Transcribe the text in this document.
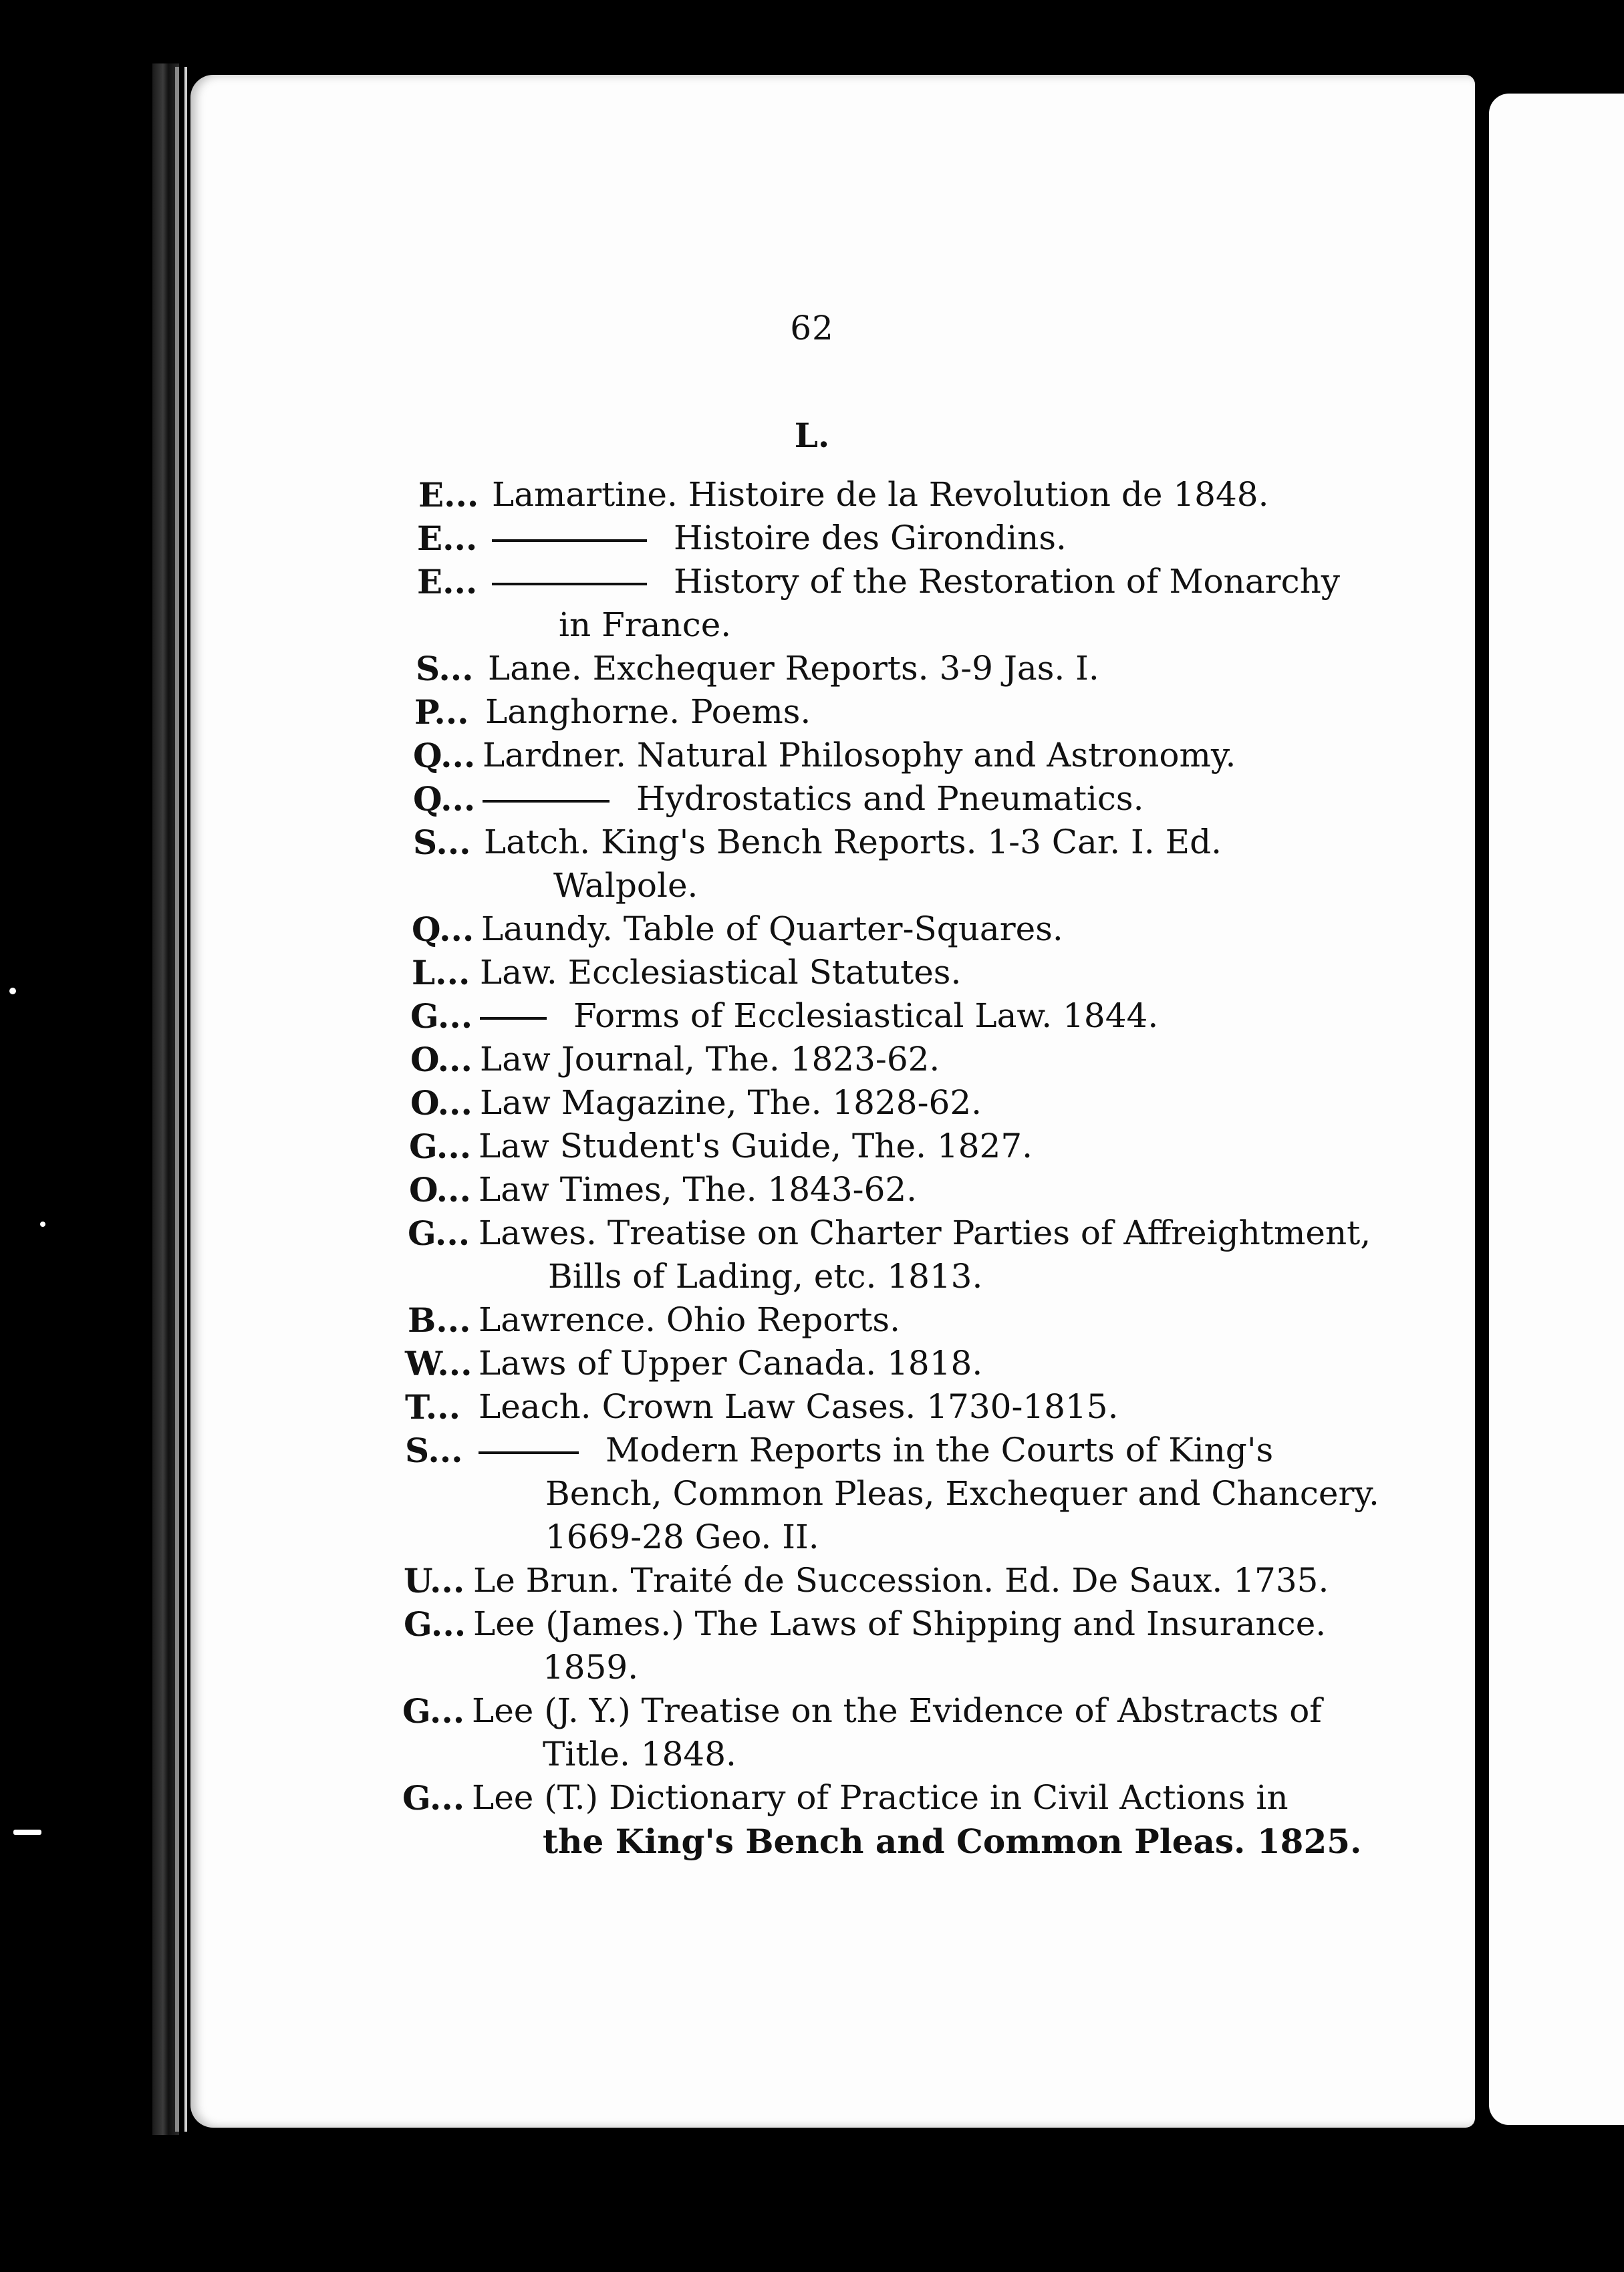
62
L.
E... Lamartine. Histoire de la Revolution de 1848.
E...	Histoire des Girondins.
E...	History of the Restoration of Monarchy
in France.
S... Lane. Exchequer Reports. 3-9 Jas. I.
P... Langhorne. Poems.
Q... Lardner. Natural Philosophy and Astronomy.
Q...	Hydrostatics and Pneumatics.
S... Latch. King's Bench Reports. 1-3 Car. I. Ed.
Walpole.
Q... Laundy. Table of Quarter-Squares.
L... Law. Ecclesiastical Statutes.
G...	Forms of Ecclesiastical Law. 1844.
O... Law Journal, The. 1823-62.
O... Law Magazine, The. 1828-62.
G... Law Student's Guide, The. 1827.
O... Law Times, The. 1843-62.
G... Lawes. Treatise on Charter Parties of Affreightment,
Bills of Lading, etc. 1813.
B... Lawrence. Ohio Reports.
W... Laws of Upper Canada. 1818.
T... Leach. Crown Law Cases. 1730-1815.
S...	Modern Reports in the Courts of King's
Bench, Common Pleas, Exchequer and Chancery.
1669-28 Geo. II.
U... Le Brun. Traité de Succession. Ed. De Saux. 1735.
G... Lee (James.) The Laws of Shipping and Insurance.
1859.
G... Lee (J. Y.) Treatise on the Evidence of Abstracts of
Title. 1848.
G... Lee (T.) Dictionary of Practice in Civil Actions in
the King's Bench and Common Pleas. 1825.
